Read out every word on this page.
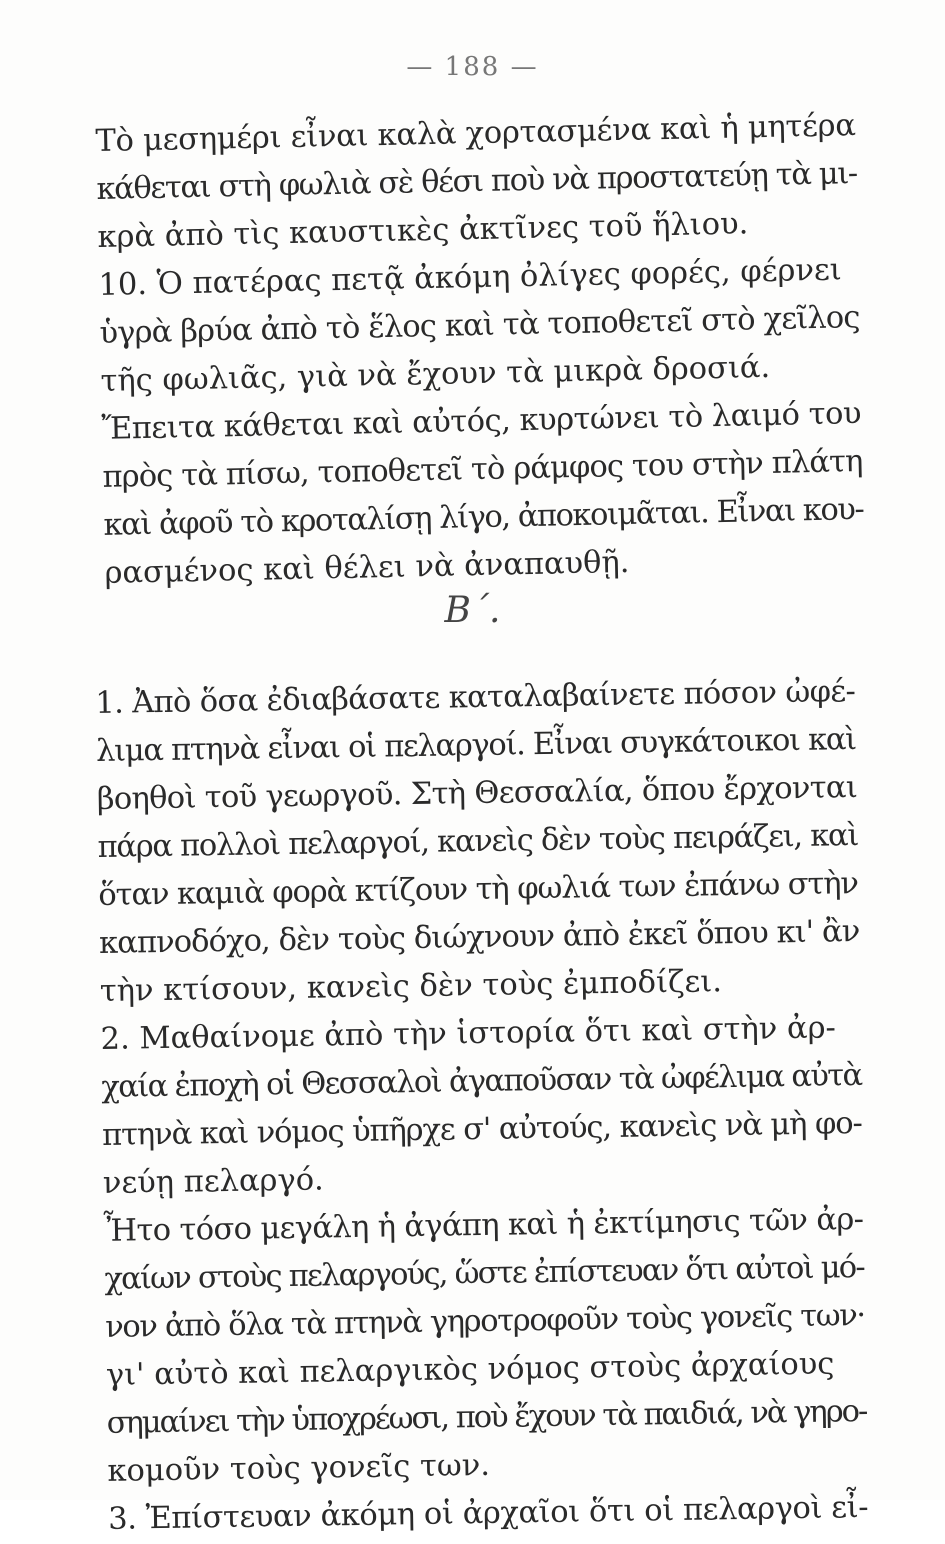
— 188 —
Τὸ μεσημέρι εἶναι καλὰ χορτασμένα καὶ ἡ μητέρα
κάθεται στὴ φωλιὰ σὲ θέσι ποὺ νὰ προστατεύῃ τὰ μι-
κρὰ ἀπὸ τὶς καυστικὲς ἀκτῖνες τοῦ ἥλιου.
10. Ὁ πατέρας πετᾷ ἀκόμη ὀλίγες φορές, φέρνει
ὑγρὰ βρύα ἀπὸ τὸ ἕλος καὶ τὰ τοποθετεῖ στὸ χεῖλος
τῆς φωλιᾶς, γιὰ νὰ ἔχουν τὰ μικρὰ δροσιά.
Ἔπειτα κάθεται καὶ αὐτός, κυρτώνει τὸ λαιμό του
πρὸς τὰ πίσω, τοποθετεῖ τὸ ράμφος του στὴν πλάτη
καὶ ἀφοῦ τὸ κροταλίσῃ λίγο, ἀποκοιμᾶται. Εἶναι κου-
ρασμένος καὶ θέλει νὰ ἀναπαυθῇ.
Β΄.
1. Ἀπὸ ὅσα ἐδιαβάσατε καταλαβαίνετε πόσον ὠφέ-
λιμα πτηνὰ εἶναι οἱ πελαργοί. Εἶναι συγκάτοικοι καὶ
βοηθοὶ τοῦ γεωργοῦ. Στὴ Θεσσαλία, ὅπου ἔρχονται
πάρα πολλοὶ πελαργοί, κανεὶς δὲν τοὺς πειράζει, καὶ
ὅταν καμιὰ φορὰ κτίζουν τὴ φωλιά των ἐπάνω στὴν
καπνοδόχο, δὲν τοὺς διώχνουν ἀπὸ ἐκεῖ ὅπου κι' ἂν
τὴν κτίσουν, κανεὶς δὲν τοὺς ἐμποδίζει.
2. Μαθαίνομε ἀπὸ τὴν ἱστορία ὅτι καὶ στὴν ἀρ-
χαία ἐποχὴ οἱ Θεσσαλοὶ ἀγαποῦσαν τὰ ὠφέλιμα αὐτὰ
πτηνὰ καὶ νόμος ὑπῆρχε σ' αὐτούς, κανεὶς νὰ μὴ φο-
νεύῃ πελαργό.
Ἦτο τόσο μεγάλη ἡ ἀγάπη καὶ ἡ ἐκτίμησις τῶν ἀρ-
χαίων στοὺς πελαργούς, ὥστε ἐπίστευαν ὅτι αὐτοὶ μό-
νον ἀπὸ ὅλα τὰ πτηνὰ γηροτροφοῦν τοὺς γονεῖς των·
γι' αὐτὸ καὶ πελαργικὸς νόμος στοὺς ἀρχαίους
σημαίνει τὴν ὑποχρέωσι, ποὺ ἔχουν τὰ παιδιά, νὰ γηρο-
κομοῦν τοὺς γονεῖς των.
3. Ἐπίστευαν ἀκόμη οἱ ἀρχαῖοι ὅτι οἱ πελαργοὶ εἶ-
